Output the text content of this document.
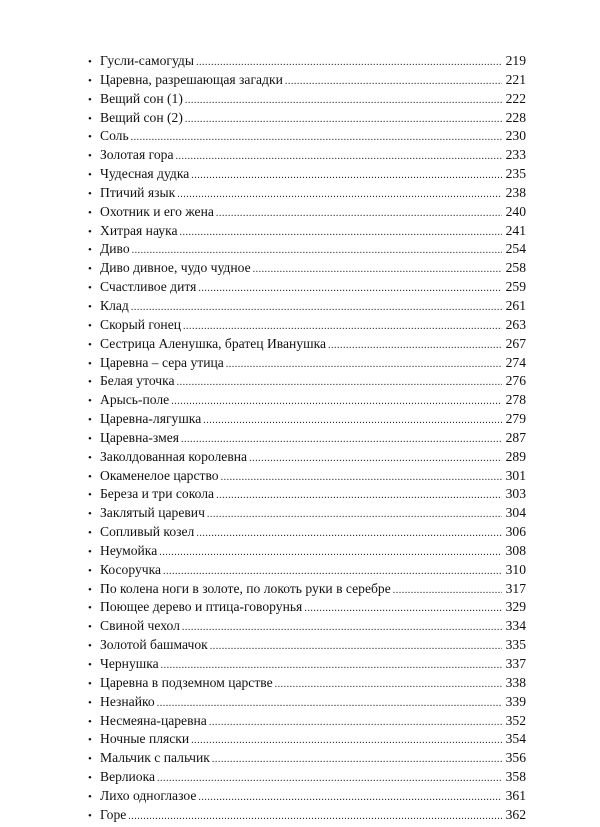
• Гусли-самогуды .....	219
• Царевна, разрешающая загадки .....	221
• Вещий сон (1) .....	222
• Вещий сон (2) .....	228
• Соль .....	230
• Золотая гора .....	233
• Чудесная дудка .....	235
• Птичий язык .....	238
• Охотник и его жена .....	240
• Хитрая наука .....	241
• Диво .....	254
• Диво дивное, чудо чудное .....	258
• Счастливое дитя .....	259
• Клад .....	261
• Скорый гонец .....	263
• Сестрица Аленушка, братец Иванушка .....	267
• Царевна – сера утица .....	274
• Белая уточка .....	276
• Арысь-поле .....	278
• Царевна-лягушка .....	279
• Царевна-змея .....	287
• Заколдованная королевна .....	289
• Окаменелое царство .....	301
• Береза и три сокола .....	303
• Заклятый царевич .....	304
• Сопливый козел .....	306
• Неумойка .....	308
• Косоручка .....	310
• По колена ноги в золоте, по локоть руки в серебре .....	317
• Поющее дерево и птица-говорунья .....	329
• Свиной чехол .....	334
• Золотой башмачок .....	335
• Чернушка .....	337
• Царевна в подземном царстве .....	338
• Незнайко .....	339
• Несмеяна-царевна .....	352
• Ночные пляски .....	354
• Мальчик с пальчик .....	356
• Верлиока .....	358
• Лихо одноглазое .....	361
• Горе .....	362
